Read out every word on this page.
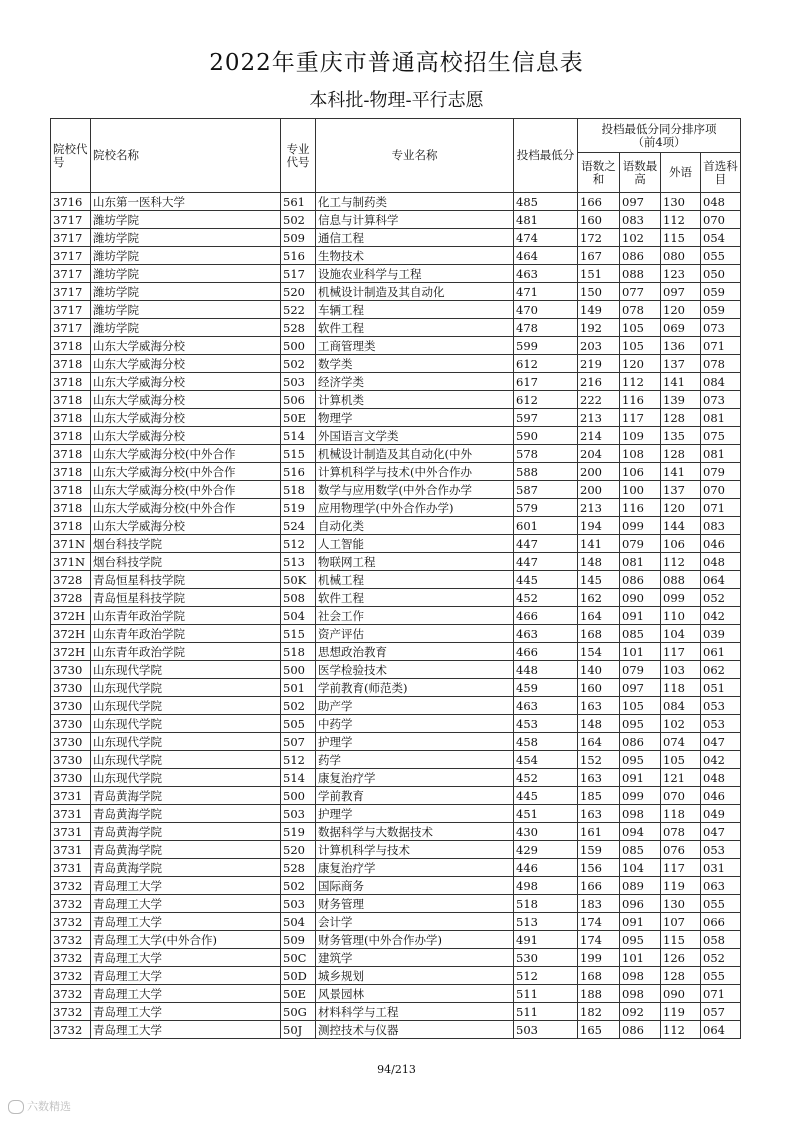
2022年重庆市普通高校招生信息表
本科批-物理-平行志愿
院校代号	院校名称	专业代号	专业名称	投档最低分	投档最低分同分排序项
（前4项）			
					语数之和	语数最高	外语	首选科目
3716	山东第一医科大学	561	化工与制药类	485	166	097	130	048
3717	潍坊学院	502	信息与计算科学	481	160	083	112	070
3717	潍坊学院	509	通信工程	474	172	102	115	054
3717	潍坊学院	516	生物技术	464	167	086	080	055
3717	潍坊学院	517	设施农业科学与工程	463	151	088	123	050
3717	潍坊学院	520	机械设计制造及其自动化	471	150	077	097	059
3717	潍坊学院	522	车辆工程	470	149	078	120	059
3717	潍坊学院	528	软件工程	478	192	105	069	073
3718	山东大学威海分校	500	工商管理类	599	203	105	136	071
3718	山东大学威海分校	502	数学类	612	219	120	137	078
3718	山东大学威海分校	503	经济学类	617	216	112	141	084
3718	山东大学威海分校	506	计算机类	612	222	116	139	073
3718	山东大学威海分校	50E	物理学	597	213	117	128	081
3718	山东大学威海分校	514	外国语言文学类	590	214	109	135	075
3718	山东大学威海分校(中外合作	515	机械设计制造及其自动化(中外	578	204	108	128	081
3718	山东大学威海分校(中外合作	516	计算机科学与技术(中外合作办	588	200	106	141	079
3718	山东大学威海分校(中外合作	518	数学与应用数学(中外合作办学	587	200	100	137	070
3718	山东大学威海分校(中外合作	519	应用物理学(中外合作办学)	579	213	116	120	071
3718	山东大学威海分校	524	自动化类	601	194	099	144	083
371N	烟台科技学院	512	人工智能	447	141	079	106	046
371N	烟台科技学院	513	物联网工程	447	148	081	112	048
3728	青岛恒星科技学院	50K	机械工程	445	145	086	088	064
3728	青岛恒星科技学院	508	软件工程	452	162	090	099	052
372H	山东青年政治学院	504	社会工作	466	164	091	110	042
372H	山东青年政治学院	515	资产评估	463	168	085	104	039
372H	山东青年政治学院	518	思想政治教育	466	154	101	117	061
3730	山东现代学院	500	医学检验技术	448	140	079	103	062
3730	山东现代学院	501	学前教育(师范类)	459	160	097	118	051
3730	山东现代学院	502	助产学	463	163	105	084	053
3730	山东现代学院	505	中药学	453	148	095	102	053
3730	山东现代学院	507	护理学	458	164	086	074	047
3730	山东现代学院	512	药学	454	152	095	105	042
3730	山东现代学院	514	康复治疗学	452	163	091	121	048
3731	青岛黄海学院	500	学前教育	445	185	099	070	046
3731	青岛黄海学院	503	护理学	451	163	098	118	049
3731	青岛黄海学院	519	数据科学与大数据技术	430	161	094	078	047
3731	青岛黄海学院	520	计算机科学与技术	429	159	085	076	053
3731	青岛黄海学院	528	康复治疗学	446	156	104	117	031
3732	青岛理工大学	502	国际商务	498	166	089	119	063
3732	青岛理工大学	503	财务管理	518	183	096	130	055
3732	青岛理工大学	504	会计学	513	174	091	107	066
3732	青岛理工大学(中外合作)	509	财务管理(中外合作办学)	491	174	095	115	058
3732	青岛理工大学	50C	建筑学	530	199	101	126	052
3732	青岛理工大学	50D	城乡规划	512	168	098	128	055
3732	青岛理工大学	50E	风景园林	511	188	098	090	071
3732	青岛理工大学	50G	材料科学与工程	511	182	092	119	057
3732	青岛理工大学	50J	测控技术与仪器	503	165	086	112	064
94/213
六数精选
